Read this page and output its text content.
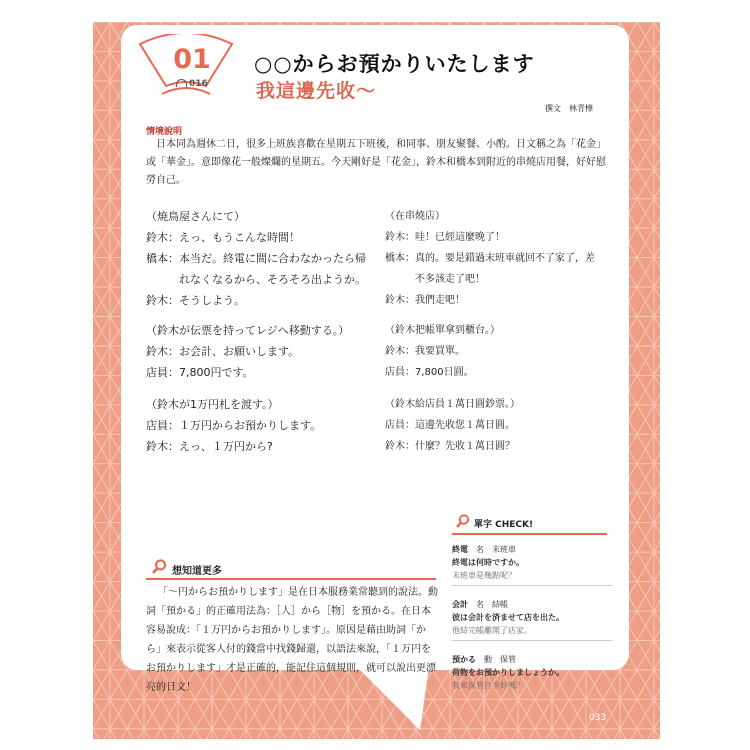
01
016
○○からお預かりいたします
我這邊先收～
撰文　林青樺
情境說明

日本同為週休二日，很多上班族喜歡在星期五下班後，和同事、朋友聚餐、小酌。日文稱之為「花金」或「華金」。意即像花一般燦爛的星期五。今天剛好是「花金」，鈴木和橋本到附近的串燒店用餐，好好慰勞自己。

（焼鳥屋さんにて）
鈴木：えっ、もうこんな時間！
橋本：本当だ。終電に間に合わなかったら帰
　　　れなくなるから、そろそろ出ようか。
鈴木：そうしよう。
（鈴木が伝票を持ってレジへ移動する。）
鈴木：お会計、お願いします。
店員：7,800円です。
（鈴木が1万円札を渡す。）
店員：１万円からお預かりします。
鈴木：えっ、１万円から?
（在串燒店）
鈴木：哇！已經這麼晚了！
橋本：真的。要是錯過末班車就回不了家了，差
　　　不多該走了吧！
鈴木：我們走吧！
（鈴木把帳單拿到櫃台。）
鈴木：我要買單。
店員：7,800日圓。
（鈴木給店員１萬日圓鈔票。）
店員：這邊先收您１萬日圓。
鈴木：什麼？先收１萬日圓？
單字 CHECK!
終電　 名　 末班車
終電は何時ですか。
末班車是幾點呢？
会計　 名　 結帳
彼は会計を済ませて店を出た。
他結完帳離開了店家。
預かる　 動　 保管
荷物をお預かりしましょうか。
我來保管行李好嗎？
想知道更多

「～円からお預かりします」是在日本服務業常聽到的說法。動詞「預かる」的正確用法為：［人］から［物］を預かる。在日本容易說成：「１万円からお預かりします」。原因是藉由助詞「から」來表示從客人付的錢當中找錢歸還，以語法來說，「１万円をお預かりします」才是正確的，能記住這個規則，就可以說出更漂亮的日文！

033
